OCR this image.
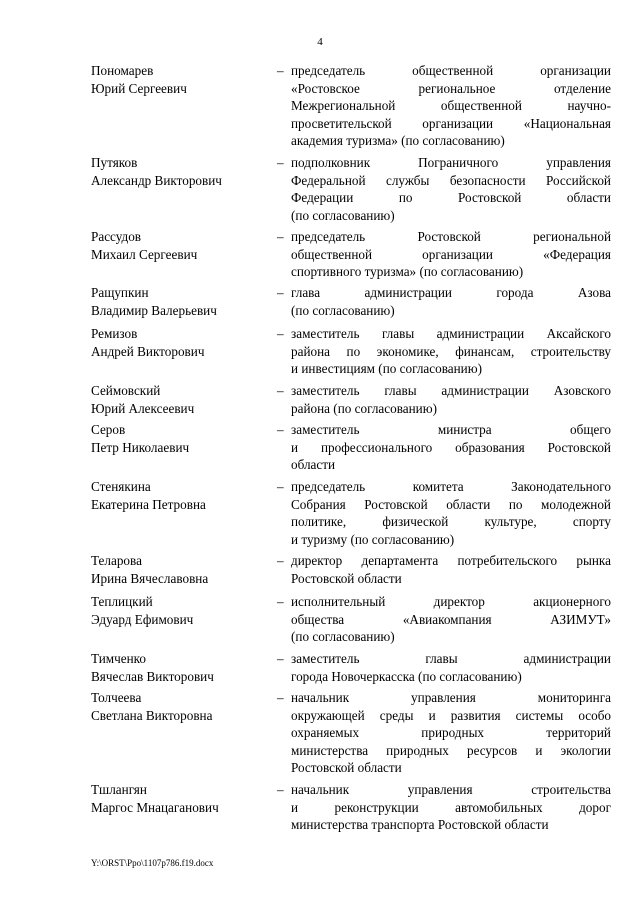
4
Пономарев
Юрий Сергеевич
– председатель общественной организации
«Ростовское региональное отделение
Межрегиональной общественной научно-
просветительской организации «Национальная
академия туризма» (по согласованию)
Путяков
Александр Викторович
– подполковник Пограничного управления
Федеральной службы безопасности Российской
Федерации по Ростовской области
(по согласованию)
Рассудов
Михаил Сергеевич
– председатель Ростовской региональной
общественной организации «Федерация
спортивного туризма» (по согласованию)
Ращупкин
Владимир Валерьевич
– глава администрации города Азова
(по согласованию)
Ремизов
Андрей Викторович
– заместитель главы администрации Аксайского
района по экономике, финансам, строительству
и инвестициям (по согласованию)
Сеймовский
Юрий Алексеевич
– заместитель главы администрации Азовского
района (по согласованию)
Серов
Петр Николаевич
– заместитель министра общего
и профессионального образования Ростовской
области
Стенякина
Екатерина Петровна
– председатель комитета Законодательного
Собрания Ростовской области по молодежной
политике, физической культуре, спорту
и туризму (по согласованию)
Теларова
Ирина Вячеславовна
– директор департамента потребительского рынка
Ростовской области
Теплицкий
Эдуард Ефимович
– исполнительный директор акционерного
общества «Авиакомпания АЗИМУТ»
(по согласованию)
Тимченко
Вячеслав Викторович
– заместитель главы администрации
города Новочеркасска (по согласованию)
Толчеева
Светлана Викторовна
– начальник управления мониторинга
окружающей среды и развития системы особо
охраняемых природных территорий
министерства природных ресурсов и экологии
Ростовской области
Тшлангян
Маргос Мнацаганович
– начальник управления строительства
и реконструкции автомобильных дорог
министерства транспорта Ростовской области
Y:\ORST\Ppo\1107p786.f19.docx
